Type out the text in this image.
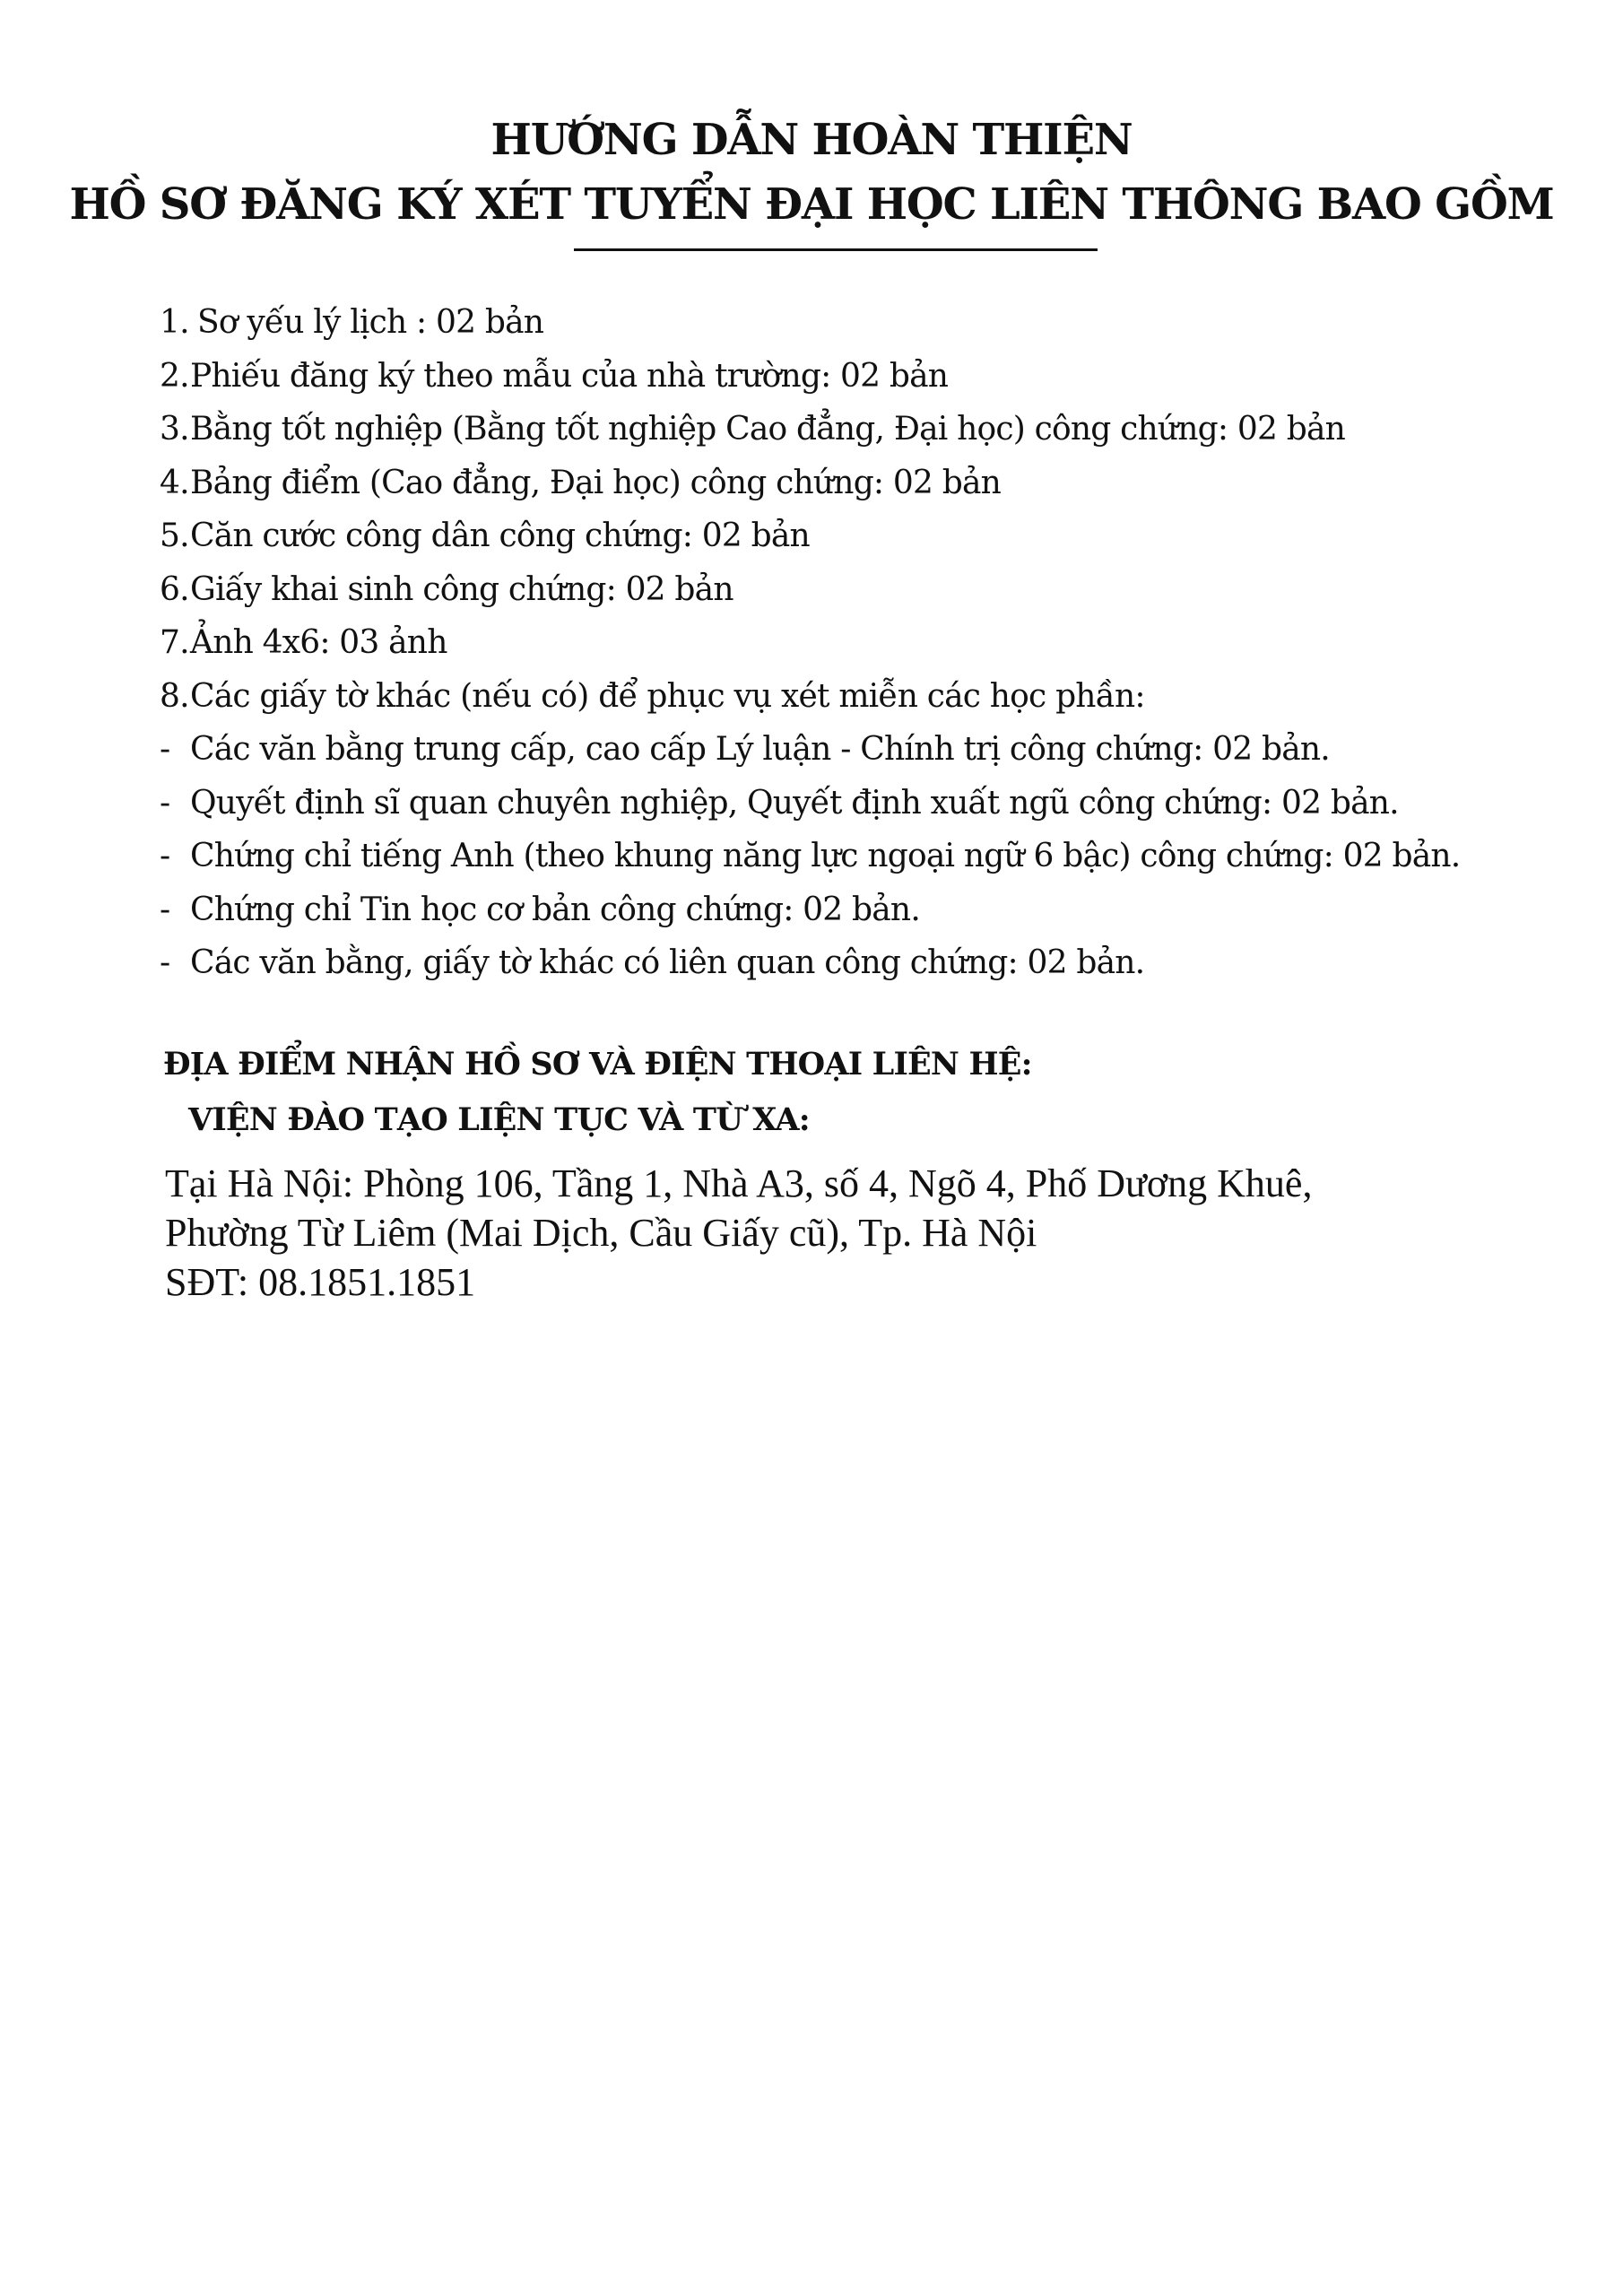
HƯỚNG DẪN HOÀN THIỆN
HỒ SƠ ĐĂNG KÝ XÉT TUYỂN ĐẠI HỌC LIÊN THÔNG BAO GỒM
1. Sơ yếu lý lịch : 02 bản
2.Phiếu đăng ký theo mẫu của nhà trường: 02 bản
3.Bằng tốt nghiệp (Bằng tốt nghiệp Cao đẳng, Đại học) công chứng: 02 bản
4.Bảng điểm (Cao đẳng, Đại học) công chứng: 02 bản
5.Căn cước công dân công chứng: 02 bản
6.Giấy khai sinh công chứng: 02 bản
7.Ảnh 4x6: 03 ảnh
8.Các giấy tờ khác (nếu có) để phục vụ xét miễn các học phần:
- Các văn bằng trung cấp, cao cấp Lý luận - Chính trị công chứng: 02 bản.
- Quyết định sĩ quan chuyên nghiệp, Quyết định xuất ngũ công chứng: 02 bản.
- Chứng chỉ tiếng Anh (theo khung năng lực ngoại ngữ 6 bậc) công chứng: 02 bản.
- Chứng chỉ Tin học cơ bản công chứng: 02 bản.
- Các văn bằng, giấy tờ khác có liên quan công chứng: 02 bản.
ĐỊA ĐIỂM NHẬN HỒ SƠ VÀ ĐIỆN THOẠI LIÊN HỆ:
VIỆN ĐÀO TẠO LIỆN TỤC VÀ TỪ XA:
Tại Hà Nội: Phòng 106, Tầng 1, Nhà A3, số 4, Ngõ 4, Phố Dương Khuê,
Phường Từ Liêm (Mai Dịch, Cầu Giấy cũ), Tp. Hà Nội
SĐT: 08.1851.1851
